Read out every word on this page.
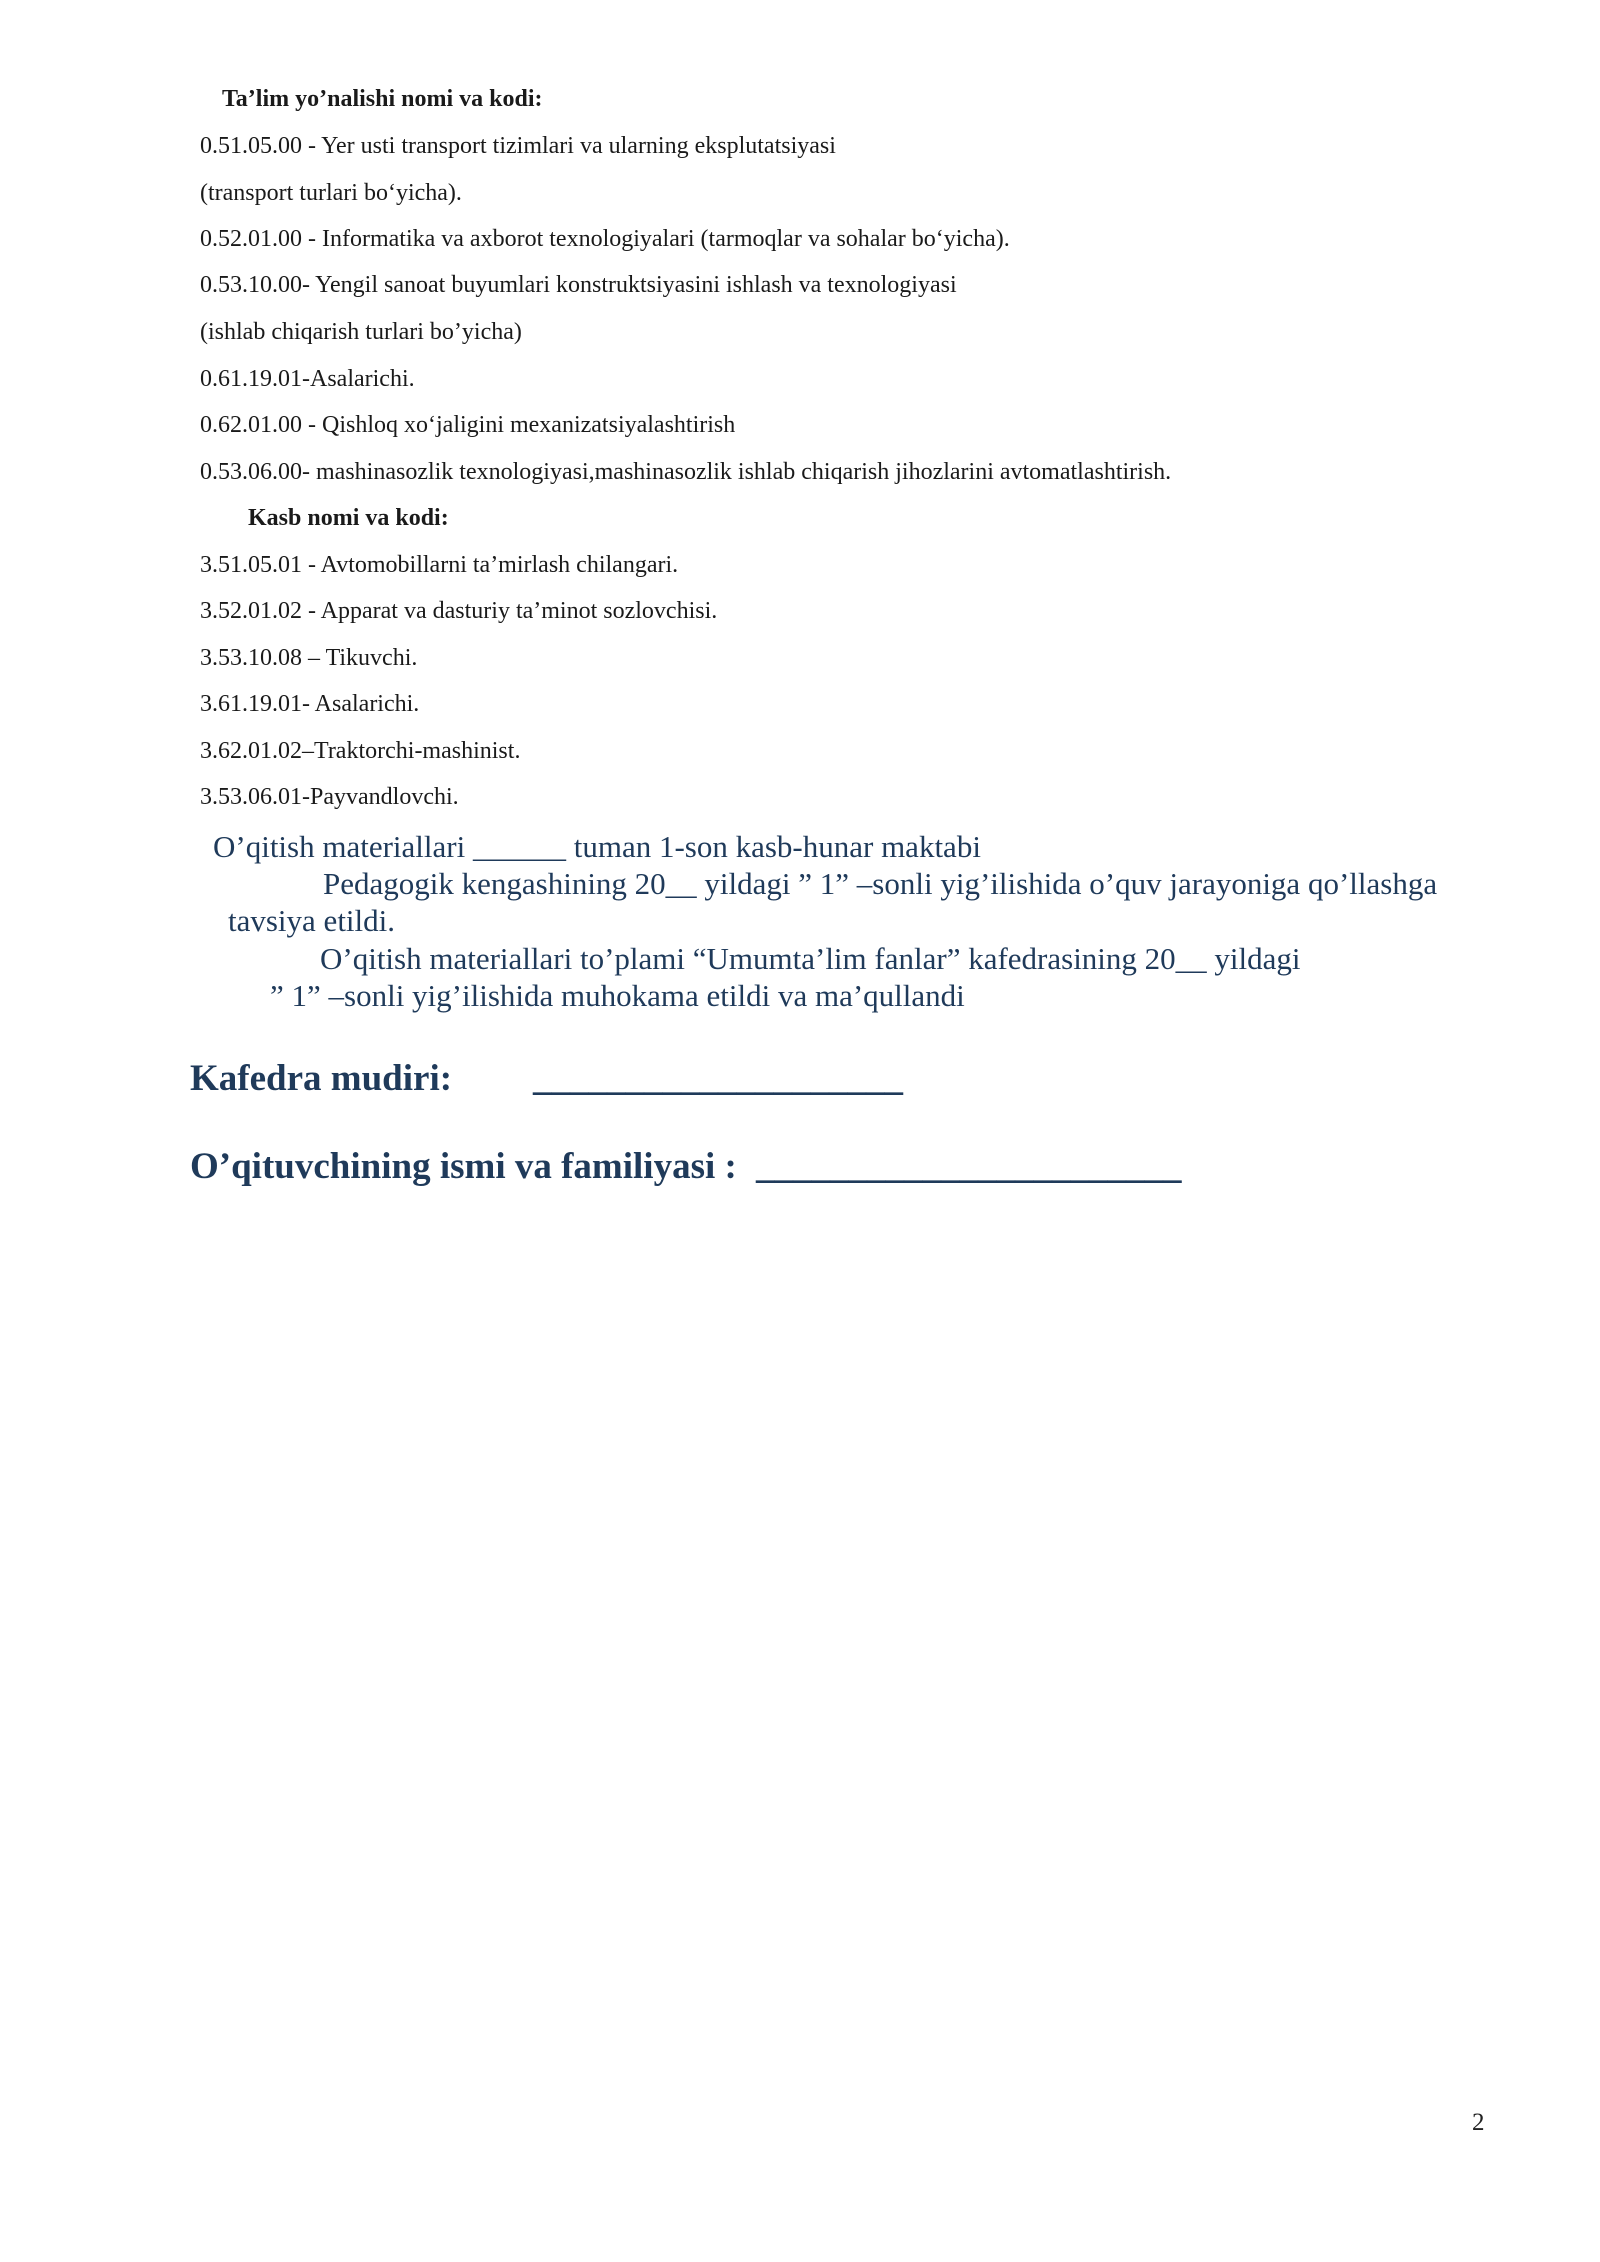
Ta’lim yo’nalishi nomi va kodi:
0.51.05.00 - Yer usti transport tizimlari va ularning eksplutatsiyasi
(transport turlari bo‘yicha).
0.52.01.00 - Informatika va axborot texnologiyalari (tarmoqlar va sohalar bo‘yicha).
0.53.10.00- Yengil sanoat buyumlari konstruktsiyasini ishlash va texnologiyasi
(ishlab chiqarish turlari bo’yicha)
0.61.19.01-Asalarichi.
0.62.01.00 - Qishloq xo‘jaligini mexanizatsiyalashtirish
0.53.06.00- mashinasozlik texnologiyasi,mashinasozlik ishlab chiqarish jihozlarini avtomatlashtirish.
Kasb nomi va kodi:
3.51.05.01 - Avtomobillarni ta’mirlash chilangari.
3.52.01.02 - Apparat va dasturiy ta’minot sozlovchisi.
3.53.10.08 – Tikuvchi.
3.61.19.01- Asalarichi.
3.62.01.02–Traktorchi-mashinist.
3.53.06.01-Payvandlovchi.
O’qitish materiallari ______ tuman 1-son kasb-hunar maktabi
Pedagogik kengashining 20__ yildagi ” 1” –sonli yig’ilishida o’quv jarayoniga qo’llashga
tavsiya etildi.
O’qitish materiallari to’plami “Umumta’lim fanlar” kafedrasining 20__ yildagi
” 1” –sonli yig’ilishida muhokama etildi va ma’qullandi
Kafedra mudiri: ____________________
O’qituvchining ismi va familiyasi : _______________________
2
